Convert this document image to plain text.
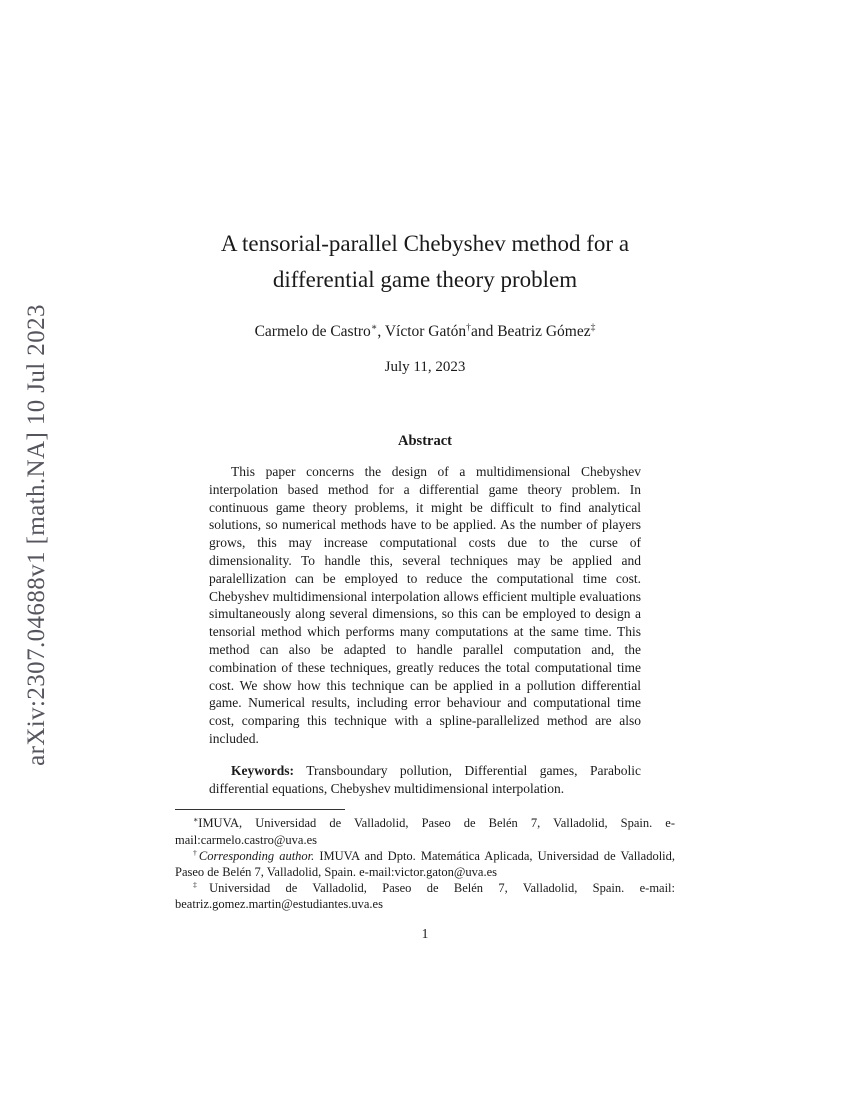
arXiv:2307.04688v1 [math.NA] 10 Jul 2023
A tensorial-parallel Chebyshev method for a
differential game theory problem
Carmelo de Castro∗, Víctor Gatón†and Beatriz Gómez‡
July 11, 2023
Abstract

This paper concerns the design of a multidimensional Chebyshev interpolation based method for a differential game theory problem. In continuous game theory problems, it might be difficult to find analytical solutions, so numerical methods have to be applied. As the number of players grows, this may increase computational costs due to the curse of dimensionality. To handle this, several techniques may be applied and paralellization can be employed to reduce the computational time cost. Chebyshev multidimensional interpolation allows efficient multiple evaluations simultaneously along several dimensions, so this can be employed to design a tensorial method which performs many computations at the same time. This method can also be adapted to handle parallel computation and, the combination of these techniques, greatly reduces the total computational time cost. We show how this technique can be applied in a pollution differential game. Numerical results, including error behaviour and computational time cost, comparing this technique with a spline-parallelized method are also included.

Keywords: Transboundary pollution, Differential games, Parabolic differential equations, Chebyshev multidimensional interpolation.

∗IMUVA, Universidad de Valladolid, Paseo de Belén 7, Valladolid, Spain. e-mail:carmelo.castro@uva.es

†Corresponding author. IMUVA and Dpto. Matemática Aplicada, Universidad de Valladolid, Paseo de Belén 7, Valladolid, Spain. e-mail:victor.gaton@uva.es

‡Universidad de Valladolid, Paseo de Belén 7, Valladolid, Spain. e-mail: beatriz.gomez.martin@estudiantes.uva.es

1
